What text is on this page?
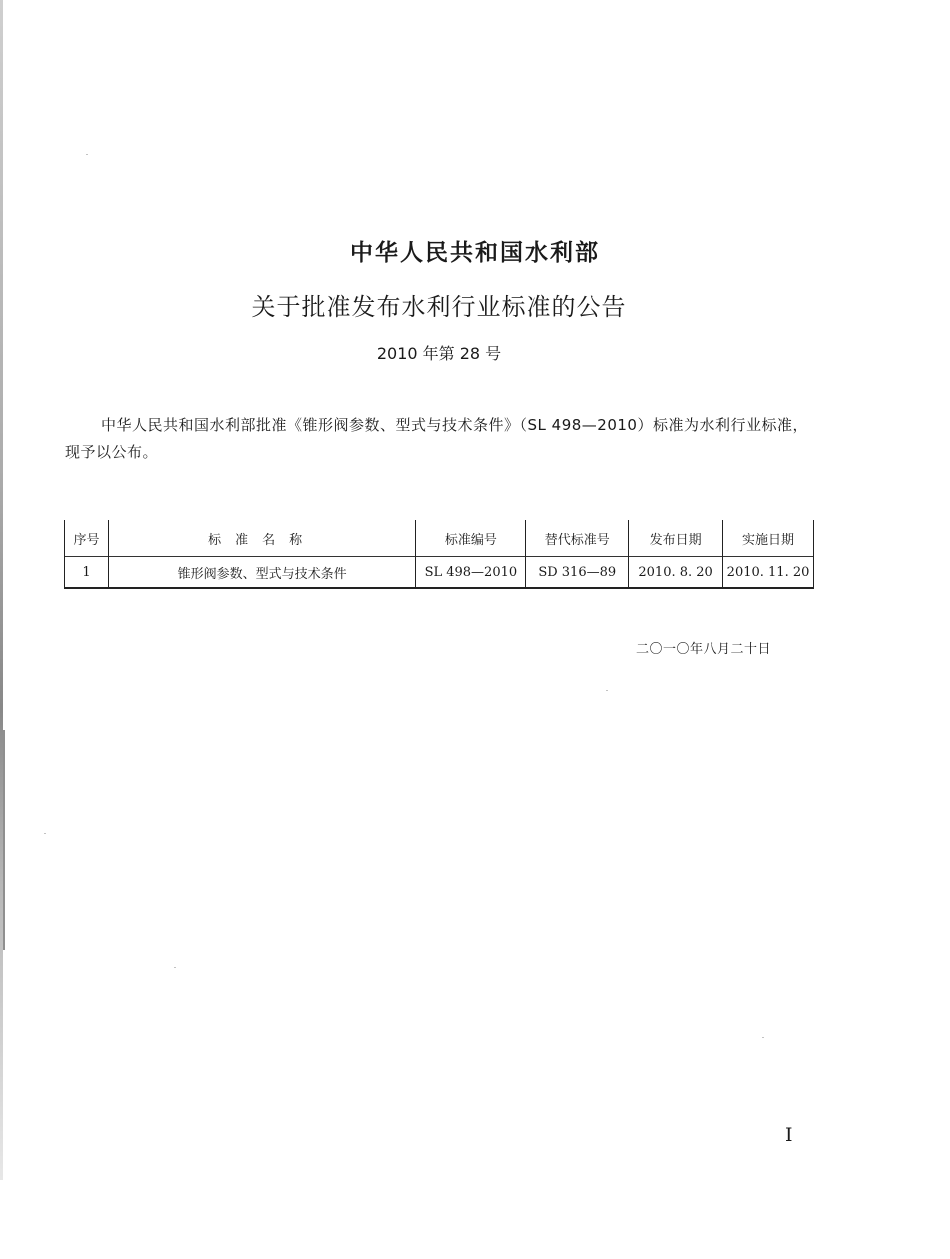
中华人民共和国水利部
关于批准发布水利行业标准的公告
2010 年第 28 号
中华人民共和国水利部批准《锥形阀参数、型式与技术条件》（SL 498—2010）标准为水利行业标准，现予以公布。
序号	标准名称	标准编号	替代标准号	发布日期	实施日期
1	锥形阀参数、型式与技术条件	SL 498—2010	SD 316—89	2010. 8. 20	2010. 11. 20
二〇一〇年八月二十日
I
